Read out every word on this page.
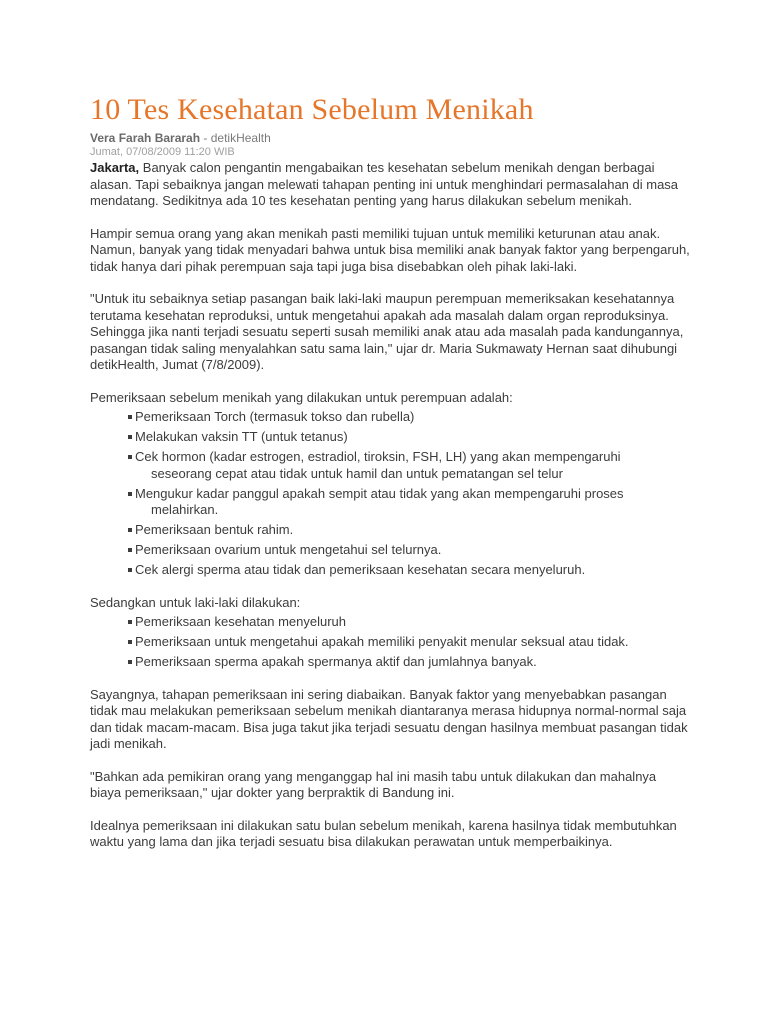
10 Tes Kesehatan Sebelum Menikah
Vera Farah Bararah - detikHealth
Jumat, 07/08/2009 11:20 WIB

Jakarta, Banyak calon pengantin mengabaikan tes kesehatan sebelum menikah dengan berbagai alasan. Tapi sebaiknya jangan melewati tahapan penting ini untuk menghindari permasalahan di masa mendatang. Sedikitnya ada 10 tes kesehatan penting yang harus dilakukan sebelum menikah.

Hampir semua orang yang akan menikah pasti memiliki tujuan untuk memiliki keturunan atau anak. Namun, banyak yang tidak menyadari bahwa untuk bisa memiliki anak banyak faktor yang berpengaruh, tidak hanya dari pihak perempuan saja tapi juga bisa disebabkan oleh pihak laki-laki.

"Untuk itu sebaiknya setiap pasangan baik laki-laki maupun perempuan memeriksakan kesehatannya terutama kesehatan reproduksi, untuk mengetahui apakah ada masalah dalam organ reproduksinya. Sehingga jika nanti terjadi sesuatu seperti susah memiliki anak atau ada masalah pada kandungannya, pasangan tidak saling menyalahkan satu sama lain," ujar dr. Maria Sukmawaty Hernan saat dihubungi detikHealth, Jumat (7/8/2009).

Pemeriksaan sebelum menikah yang dilakukan untuk perempuan adalah:

Pemeriksaan Torch (termasuk tokso dan rubella)
Melakukan vaksin TT (untuk tetanus)
Cek hormon (kadar estrogen, estradiol, tiroksin, FSH, LH) yang akan mempengaruhi
seseorang cepat atau tidak untuk hamil dan untuk pematangan sel telur
Mengukur kadar panggul apakah sempit atau tidak yang akan mempengaruhi proses
melahirkan.
Pemeriksaan bentuk rahim.
Pemeriksaan ovarium untuk mengetahui sel telurnya.
Cek alergi sperma atau tidak dan pemeriksaan kesehatan secara menyeluruh.

Sedangkan untuk laki-laki dilakukan:

Pemeriksaan kesehatan menyeluruh
Pemeriksaan untuk mengetahui apakah memiliki penyakit menular seksual atau tidak.
Pemeriksaan sperma apakah spermanya aktif dan jumlahnya banyak.

Sayangnya, tahapan pemeriksaan ini sering diabaikan. Banyak faktor yang menyebabkan pasangan tidak mau melakukan pemeriksaan sebelum menikah diantaranya merasa hidupnya normal-normal saja dan tidak macam-macam. Bisa juga takut jika terjadi sesuatu dengan hasilnya membuat pasangan tidak jadi menikah.

"Bahkan ada pemikiran orang yang menganggap hal ini masih tabu untuk dilakukan dan mahalnya biaya pemeriksaan," ujar dokter yang berpraktik di Bandung ini.

Idealnya pemeriksaan ini dilakukan satu bulan sebelum menikah, karena hasilnya tidak membutuhkan waktu yang lama dan jika terjadi sesuatu bisa dilakukan perawatan untuk memperbaikinya.
